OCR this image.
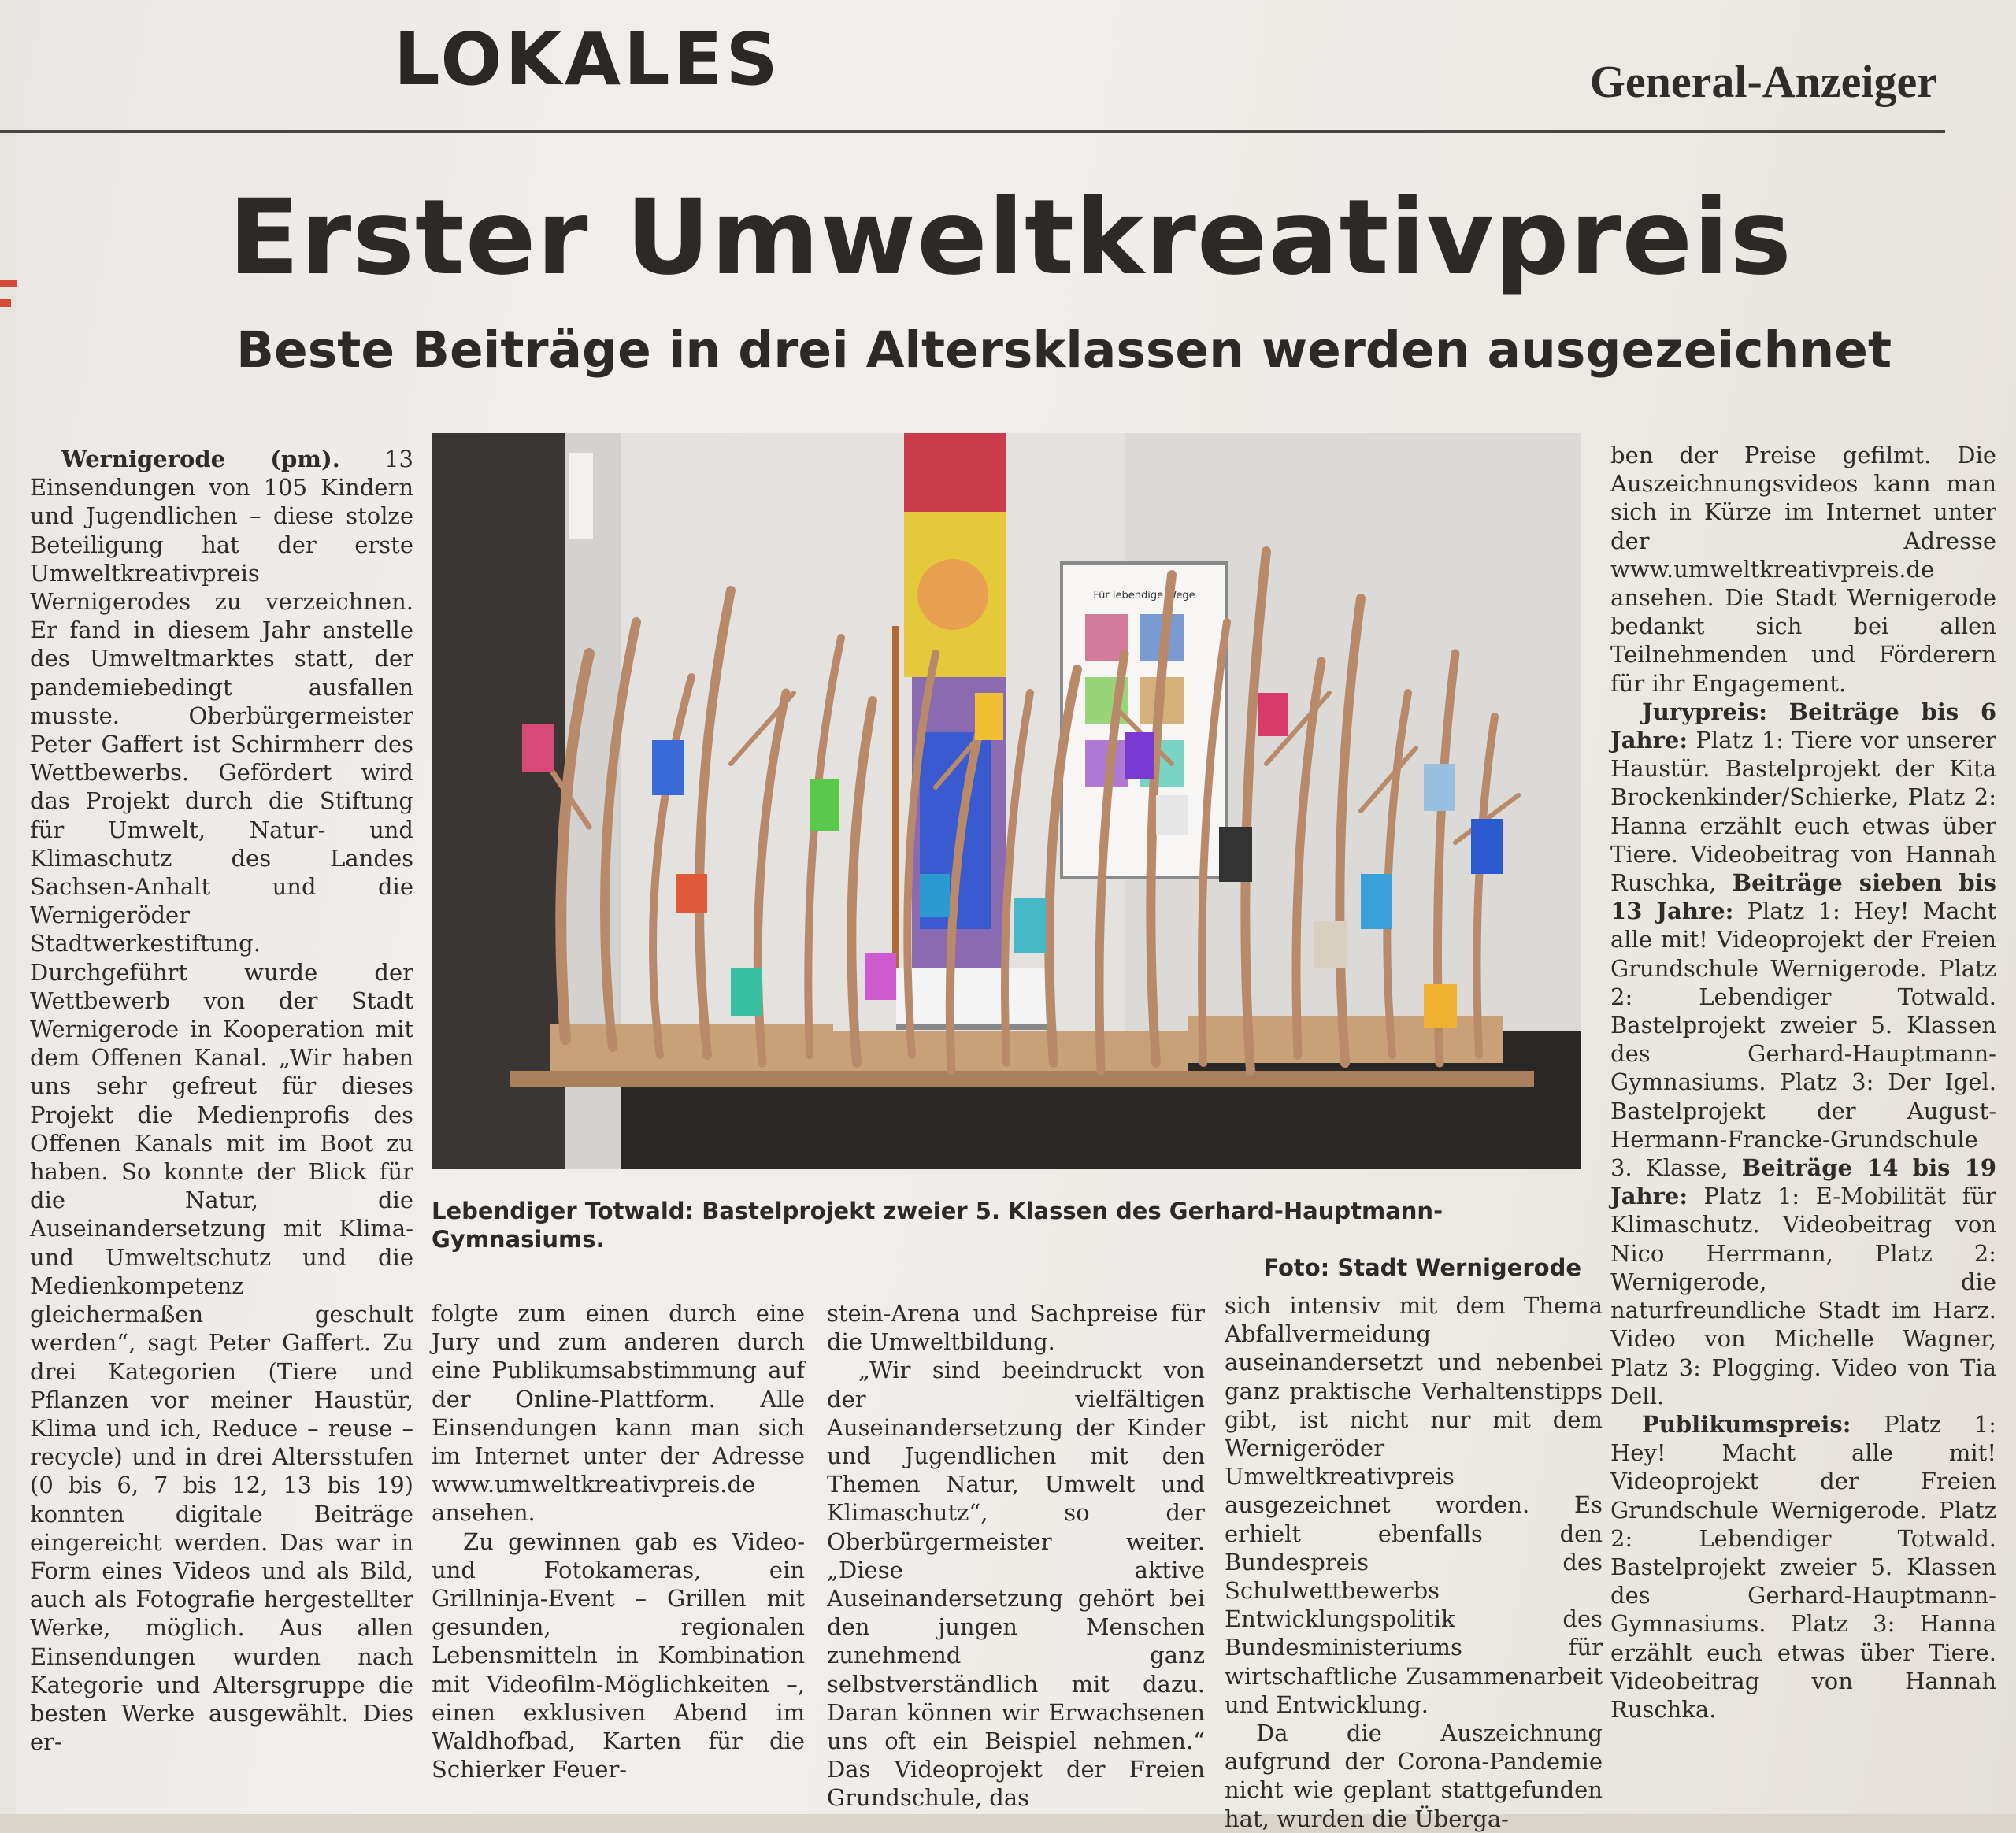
LOKALES	General-Anzeiger
Erster Umweltkreativpreis
Beste Beiträge in drei Altersklassen werden ausgezeichnet

Wernigerode (pm). 13 Einsendungen von 105 Kindern und Jugendlichen – diese stolze Beteiligung hat der erste Umweltkreativpreis Wernigerodes zu verzeichnen. Er fand in diesem Jahr anstelle des Umweltmarktes statt, der pandemiebedingt ausfallen musste. Oberbürgermeister Peter Gaffert ist Schirmherr des Wettbewerbs. Gefördert wird das Projekt durch die Stiftung für Umwelt, Natur- und Klimaschutz des Landes Sachsen-Anhalt und die Wernigeröder Stadtwerkestiftung. Durchgeführt wurde der Wettbewerb von der Stadt Wernigerode in Kooperation mit dem Offenen Kanal. „Wir haben uns sehr gefreut für dieses Projekt die Medienprofis des Offenen Kanals mit im Boot zu haben. So konnte der Blick für die Natur, die Auseinandersetzung mit Klima- und Umweltschutz und die Medienkompetenz gleichermaßen geschult werden“, sagt Peter Gaffert. Zu drei Kategorien (Tiere und Pflanzen vor meiner Haustür, Klima und ich, Reduce – reuse – recycle) und in drei Altersstufen (0 bis 6, 7 bis 12, 13 bis 19) konnten digitale Beiträge eingereicht werden. Das war in Form eines Videos und als Bild, auch als Fotografie hergestellter Werke, möglich. Aus allen Einsendungen wurden nach Kategorie und Altersgruppe die besten Werke ausgewählt. Dies er-

Für lebendige Wege
Lebendiger Totwald: Bastelprojekt zweier 5. Klassen des Gerhard-Hauptmann-Gymnasiums.
Foto: Stadt Wernigerode

folgte zum einen durch eine Jury und zum anderen durch eine Publikumsabstimmung auf der Online-Plattform. Alle Einsendungen kann man sich im Internet unter der Adresse www.umweltkreativpreis.de ansehen.

Zu gewinnen gab es Video- und Fotokameras, ein Grillninja-Event – Grillen mit gesunden, regionalen Lebensmitteln in Kombination mit Videofilm-Möglichkeiten –, einen exklusiven Abend im Waldhofbad, Karten für die Schierker Feuer-

stein-Arena und Sachpreise für die Umweltbildung.

„Wir sind beeindruckt von der vielfältigen Auseinandersetzung der Kinder und Jugendlichen mit den Themen Natur, Umwelt und Klimaschutz“, so der Oberbürgermeister weiter. „Diese aktive Auseinandersetzung gehört bei den jungen Menschen zunehmend ganz selbstverständlich mit dazu. Daran können wir Erwachsenen uns oft ein Beispiel nehmen.“ Das Videoprojekt der Freien Grundschule, das

sich intensiv mit dem Thema Abfallvermeidung auseinandersetzt und nebenbei ganz praktische Verhaltenstipps gibt, ist nicht nur mit dem Wernigeröder Umweltkreativpreis ausgezeichnet worden. Es erhielt ebenfalls den Bundespreis des Schulwettbewerbs Entwicklungspolitik des Bundesministeriums für wirtschaftliche Zusammenarbeit und Entwicklung.

Da die Auszeichnung aufgrund der Corona-Pandemie nicht wie geplant stattgefunden hat, wurden die Überga-

ben der Preise gefilmt. Die Auszeichnungsvideos kann man sich in Kürze im Internet unter der Adresse www.umweltkreativpreis.de ansehen. Die Stadt Wernigerode bedankt sich bei allen Teilnehmenden und Förderern für ihr Engagement.

Jurypreis: Beiträge bis 6 Jahre: Platz 1: Tiere vor unserer Haustür. Bastelprojekt der Kita Brockenkinder/Schierke, Platz 2: Hanna erzählt euch etwas über Tiere. Videobeitrag von Hannah Ruschka, Beiträge sieben bis 13 Jahre: Platz 1: Hey! Macht alle mit! Videoprojekt der Freien Grundschule Wernigerode. Platz 2: Lebendiger Totwald. Bastelprojekt zweier 5. Klassen des Gerhard-Hauptmann-Gymnasiums. Platz 3: Der Igel. Bastelprojekt der August-Hermann-Francke-Grundschule 3. Klasse, Beiträge 14 bis 19 Jahre: Platz 1: E-Mobilität für Klimaschutz. Videobeitrag von Nico Herrmann, Platz 2: Wernigerode, die naturfreundliche Stadt im Harz. Video von Michelle Wagner, Platz 3: Plogging. Video von Tia Dell.

Publikumspreis: Platz 1: Hey! Macht alle mit! Videoprojekt der Freien Grundschule Wernigerode. Platz 2: Lebendiger Totwald. Bastelprojekt zweier 5. Klassen des Gerhard-Hauptmann-Gymnasiums. Platz 3: Hanna erzählt euch etwas über Tiere. Videobeitrag von Hannah Ruschka.
